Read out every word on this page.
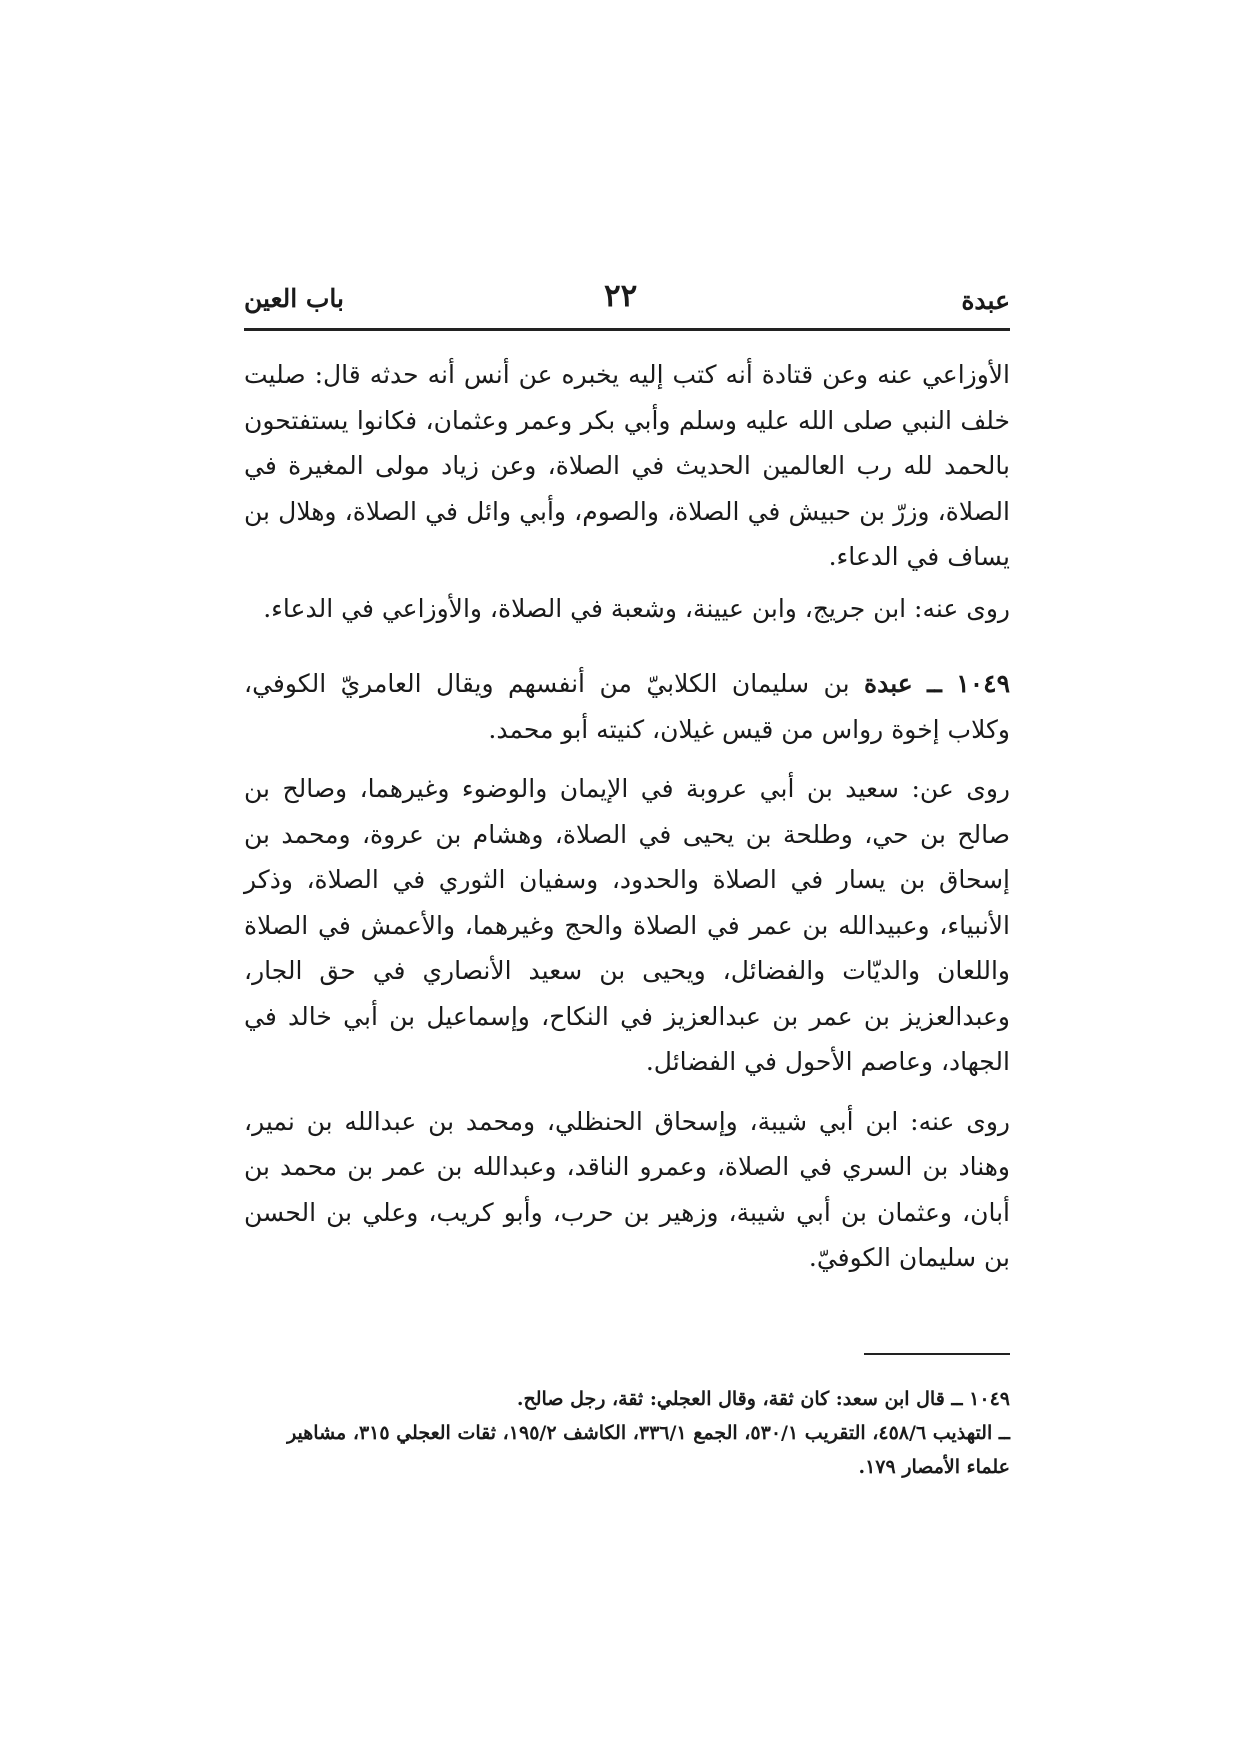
عبدة
٢٢
باب العين

الأوزاعي عنه وعن قتادة أنه كتب إليه يخبره عن أنس أنه حدثه قال: صليت خلف النبي صلى الله عليه وسلم وأبي بكر وعمر وعثمان، فكانوا يستفتحون بالحمد لله رب العالمين الحديث في الصلاة، وعن زياد مولى المغيرة في الصلاة، وزرّ بن حبيش في الصلاة، والصوم، وأبي وائل في الصلاة، وهلال بن يساف في الدعاء.

روى عنه: ابن جريج، وابن عيينة، وشعبة في الصلاة، والأوزاعي في الدعاء.

١٠٤٩ ــ عبدة بن سليمان الكلابيّ من أنفسهم ويقال العامريّ الكوفي، وكلاب إخوة رواس من قيس غيلان، كنيته أبو محمد.

روى عن: سعيد بن أبي عروبة في الإيمان والوضوء وغيرهما، وصالح بن صالح بن حي، وطلحة بن يحيى في الصلاة، وهشام بن عروة، ومحمد بن إسحاق بن يسار في الصلاة والحدود، وسفيان الثوري في الصلاة، وذكر الأنبياء، وعبيدالله بن عمر في الصلاة والحج وغيرهما، والأعمش في الصلاة واللعان والديّات والفضائل، ويحيى بن سعيد الأنصاري في حق الجار، وعبدالعزيز بن عمر بن عبدالعزيز في النكاح، وإسماعيل بن أبي خالد في الجهاد، وعاصم الأحول في الفضائل.

روى عنه: ابن أبي شيبة، وإسحاق الحنظلي، ومحمد بن عبدالله بن نمير، وهناد بن السري في الصلاة، وعمرو الناقد، وعبدالله بن عمر بن محمد بن أبان، وعثمان بن أبي شيبة، وزهير بن حرب، وأبو كريب، وعلي بن الحسن بن سليمان الكوفيّ.

١٠٤٩ ــ قال ابن سعد: كان ثقة، وقال العجلي: ثقة، رجل صالح.

ــ التهذيب ٤٥٨/٦، التقريب ٥٣٠/١، الجمع ٣٣٦/١، الكاشف ١٩٥/٢، ثقات العجلي ٣١٥، مشاهير علماء الأمصار ١٧٩.
